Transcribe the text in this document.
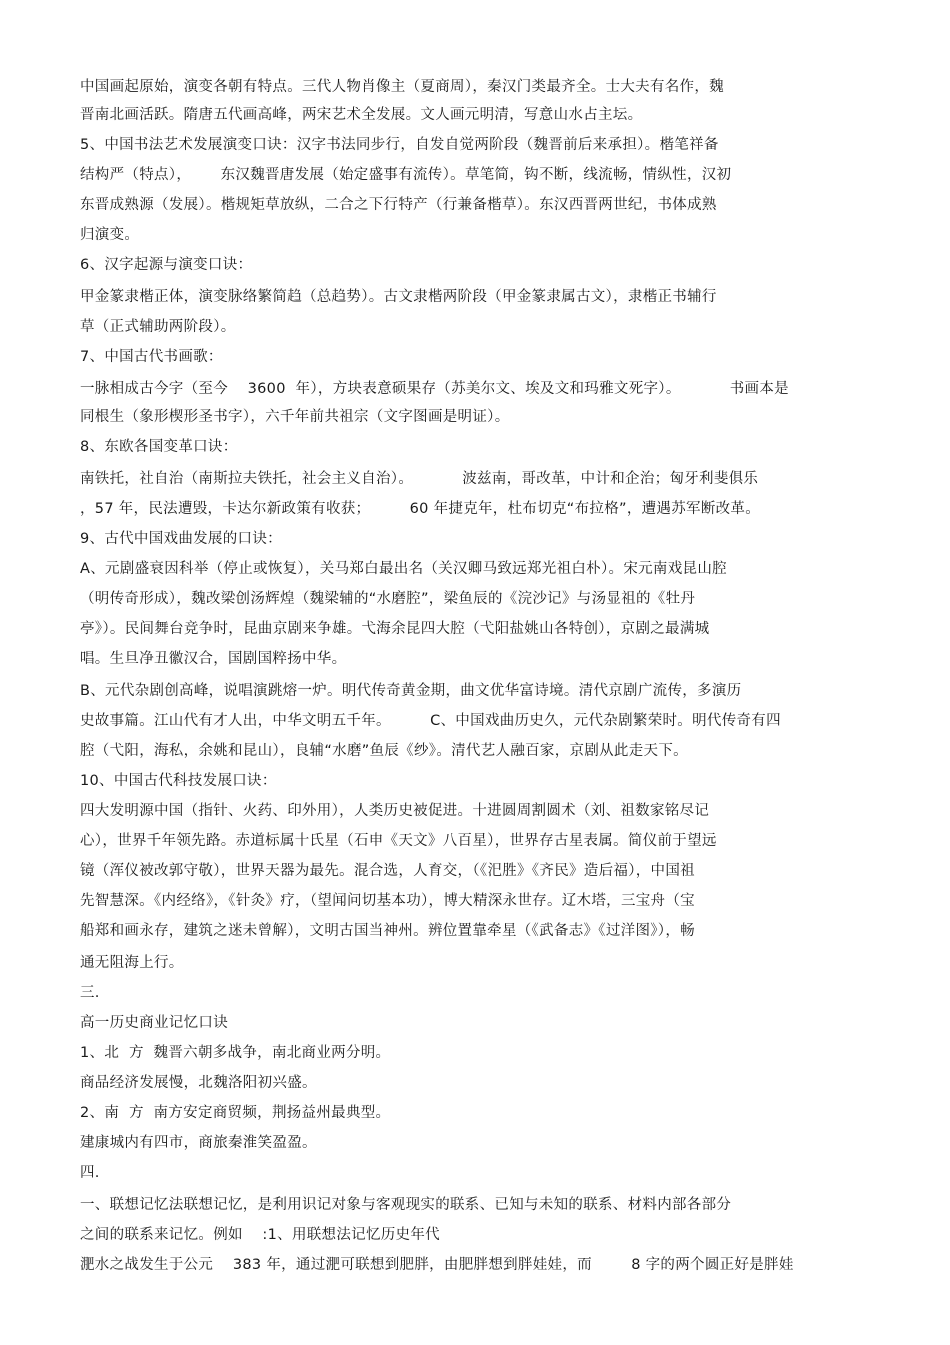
中国画起原始，演变各朝有特点。三代人物肖像主（夏商周），秦汉门类最齐全。士大夫有名作，魏
晋南北画活跃。隋唐五代画高峰，两宋艺术全发展。文人画元明清，写意山水占主坛。
5、中国书法艺术发展演变口诀：汉字书法同步行，自发自觉两阶段（魏晋前后来承担）。楷笔祥备
结构严（特点），      东汉魏晋唐发展（始定盛事有流传）。草笔简，钩不断，线流畅，情纵性，汉初
东晋成熟源（发展）。楷规矩草放纵，二合之下行特产（行兼备楷草）。东汉西晋两世纪，书体成熟
归演变。
6、汉字起源与演变口诀：
甲金篆隶楷正体，演变脉络繁简趋（总趋势）。古文隶楷两阶段（甲金篆隶属古文），隶楷正书辅行
草（正式辅助两阶段）。
7、中国古代书画歌：
一脉相成古今字（至今    3600  年），方块表意硕果存（苏美尔文、埃及文和玛雅文死字）。          书画本是
同根生（象形楔形圣书字），六千年前共祖宗（文字图画是明证）。
8、东欧各国变革口诀：
南铁托，社自治（南斯拉夫铁托，社会主义自治）。          波兹南，哥改革，中计和企治；匈牙利斐俱乐
，57 年，民法遭毁，卡达尔新政策有收获；        60 年捷克年，杜布切克“布拉格”，遭遇苏军断改革。
9、古代中国戏曲发展的口诀：
A、元剧盛衰因科举（停止或恢复），关马郑白最出名（关汉卿马致远郑光祖白朴）。宋元南戏昆山腔
（明传奇形成），魏改梁创汤辉煌（魏梁辅的“水磨腔”，梁鱼辰的《浣沙记》与汤显祖的《牡丹
亭》）。民间舞台竞争时，昆曲京剧来争雄。弋海余昆四大腔（弋阳盐姚山各特创），京剧之最满城
唱。生旦净丑徽汉合，国剧国粹扬中华。
B、元代杂剧创高峰，说唱演跳熔一炉。明代传奇黄金期，曲文优华富诗境。清代京剧广流传，多演历
史故事篇。江山代有才人出，中华文明五千年。        C、中国戏曲历史久，元代杂剧繁荣时。明代传奇有四
腔（弋阳，海私，余姚和昆山），良辅“水磨”鱼辰《纱》。清代艺人融百家，京剧从此走天下。
10、中国古代科技发展口诀：
四大发明源中国（指针、火药、印外用），人类历史被促进。十进圆周割圆术（刘、祖数家铭尽记
心），世界千年领先路。赤道标属十氏星（石申《天文》八百星），世界存古星表属。简仪前于望远
镜（浑仪被改郭守敬），世界天器为最先。混合选，人育交，（《汜胜》《齐民》造后福），中国祖
先智慧深。《内经络》，《针灸》疗，（望闻问切基本功），博大精深永世存。辽木塔，三宝舟（宝
船郑和画永存，建筑之迷未曾解），文明古国当神州。辨位置靠牵星（《武备志》《过洋图》），畅
通无阻海上行。
三.
高一历史商业记忆口诀
1、北  方  魏晋六朝多战争，南北商业两分明。
商品经济发展慢，北魏洛阳初兴盛。
2、南  方  南方安定商贸频，荆扬益州最典型。
建康城内有四市，商旅秦淮笑盈盈。
四.
一、联想记忆法联想记忆，是利用识记对象与客观现实的联系、已知与未知的联系、材料内部各部分
之间的联系来记忆。例如    :1、用联想法记忆历史年代
淝水之战发生于公元    383 年，通过淝可联想到肥胖，由肥胖想到胖娃娃，而        8 字的两个圆正好是胖娃
